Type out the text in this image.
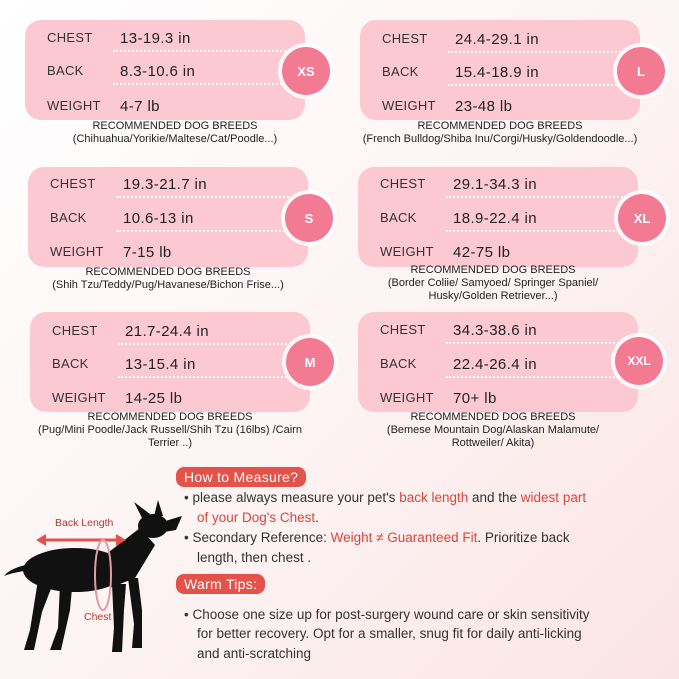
CHEST 13-19.3 in
BACK 8.3-10.6 in
WEIGHT 4-7 lb
XS
RECOMMENDED DOG BREEDS
(Chihuahua/Yorikie/Maltese/Cat/Poodle...)
CHEST 19.3-21.7 in
BACK 10.6-13 in
WEIGHT 7-15 lb
S
RECOMMENDED DOG BREEDS
(Shih Tzu/Teddy/Pug/Havanese/Bichon Frise...)
CHEST 21.7-24.4 in
BACK 13-15.4 in
WEIGHT 14-25 lb
M
RECOMMENDED DOG BREEDS
(Pug/Mini Poodle/Jack Russell/Shih Tzu (16lbs) /Cairn
Terrier ..)
CHEST 24.4-29.1 in
BACK 15.4-18.9 in
WEIGHT 23-48 lb
L
RECOMMENDED DOG BREEDS
(French Bulldog/Shiba Inu/Corgi/Husky/Goldendoodle...)
CHEST 29.1-34.3 in
BACK 18.9-22.4 in
WEIGHT 42-75 lb
XL
RECOMMENDED DOG BREEDS
(Border Coliie/ Samyoed/ Springer Spaniel/
Husky/Golden Retriever...)
CHEST 34.3-38.6 in
BACK 22.4-26.4 in
WEIGHT 70+ lb
XXL
RECOMMENDED DOG BREEDS
(Bemese Mountain Dog/Alaskan Malamute/
Rottweiler/ Akita)
Back Length
Chest
How to Measure?
• please always measure your pet's back length and the widest part
of your Dog's Chest.
• Secondary Reference: Weight ≠ Guaranteed Fit. Prioritize back
length, then chest .
Warm Tips:
• Choose one size up for post-surgery wound care or skin sensitivity
for better recovery. Opt for a smaller, snug fit for daily anti-licking
and anti-scratching
